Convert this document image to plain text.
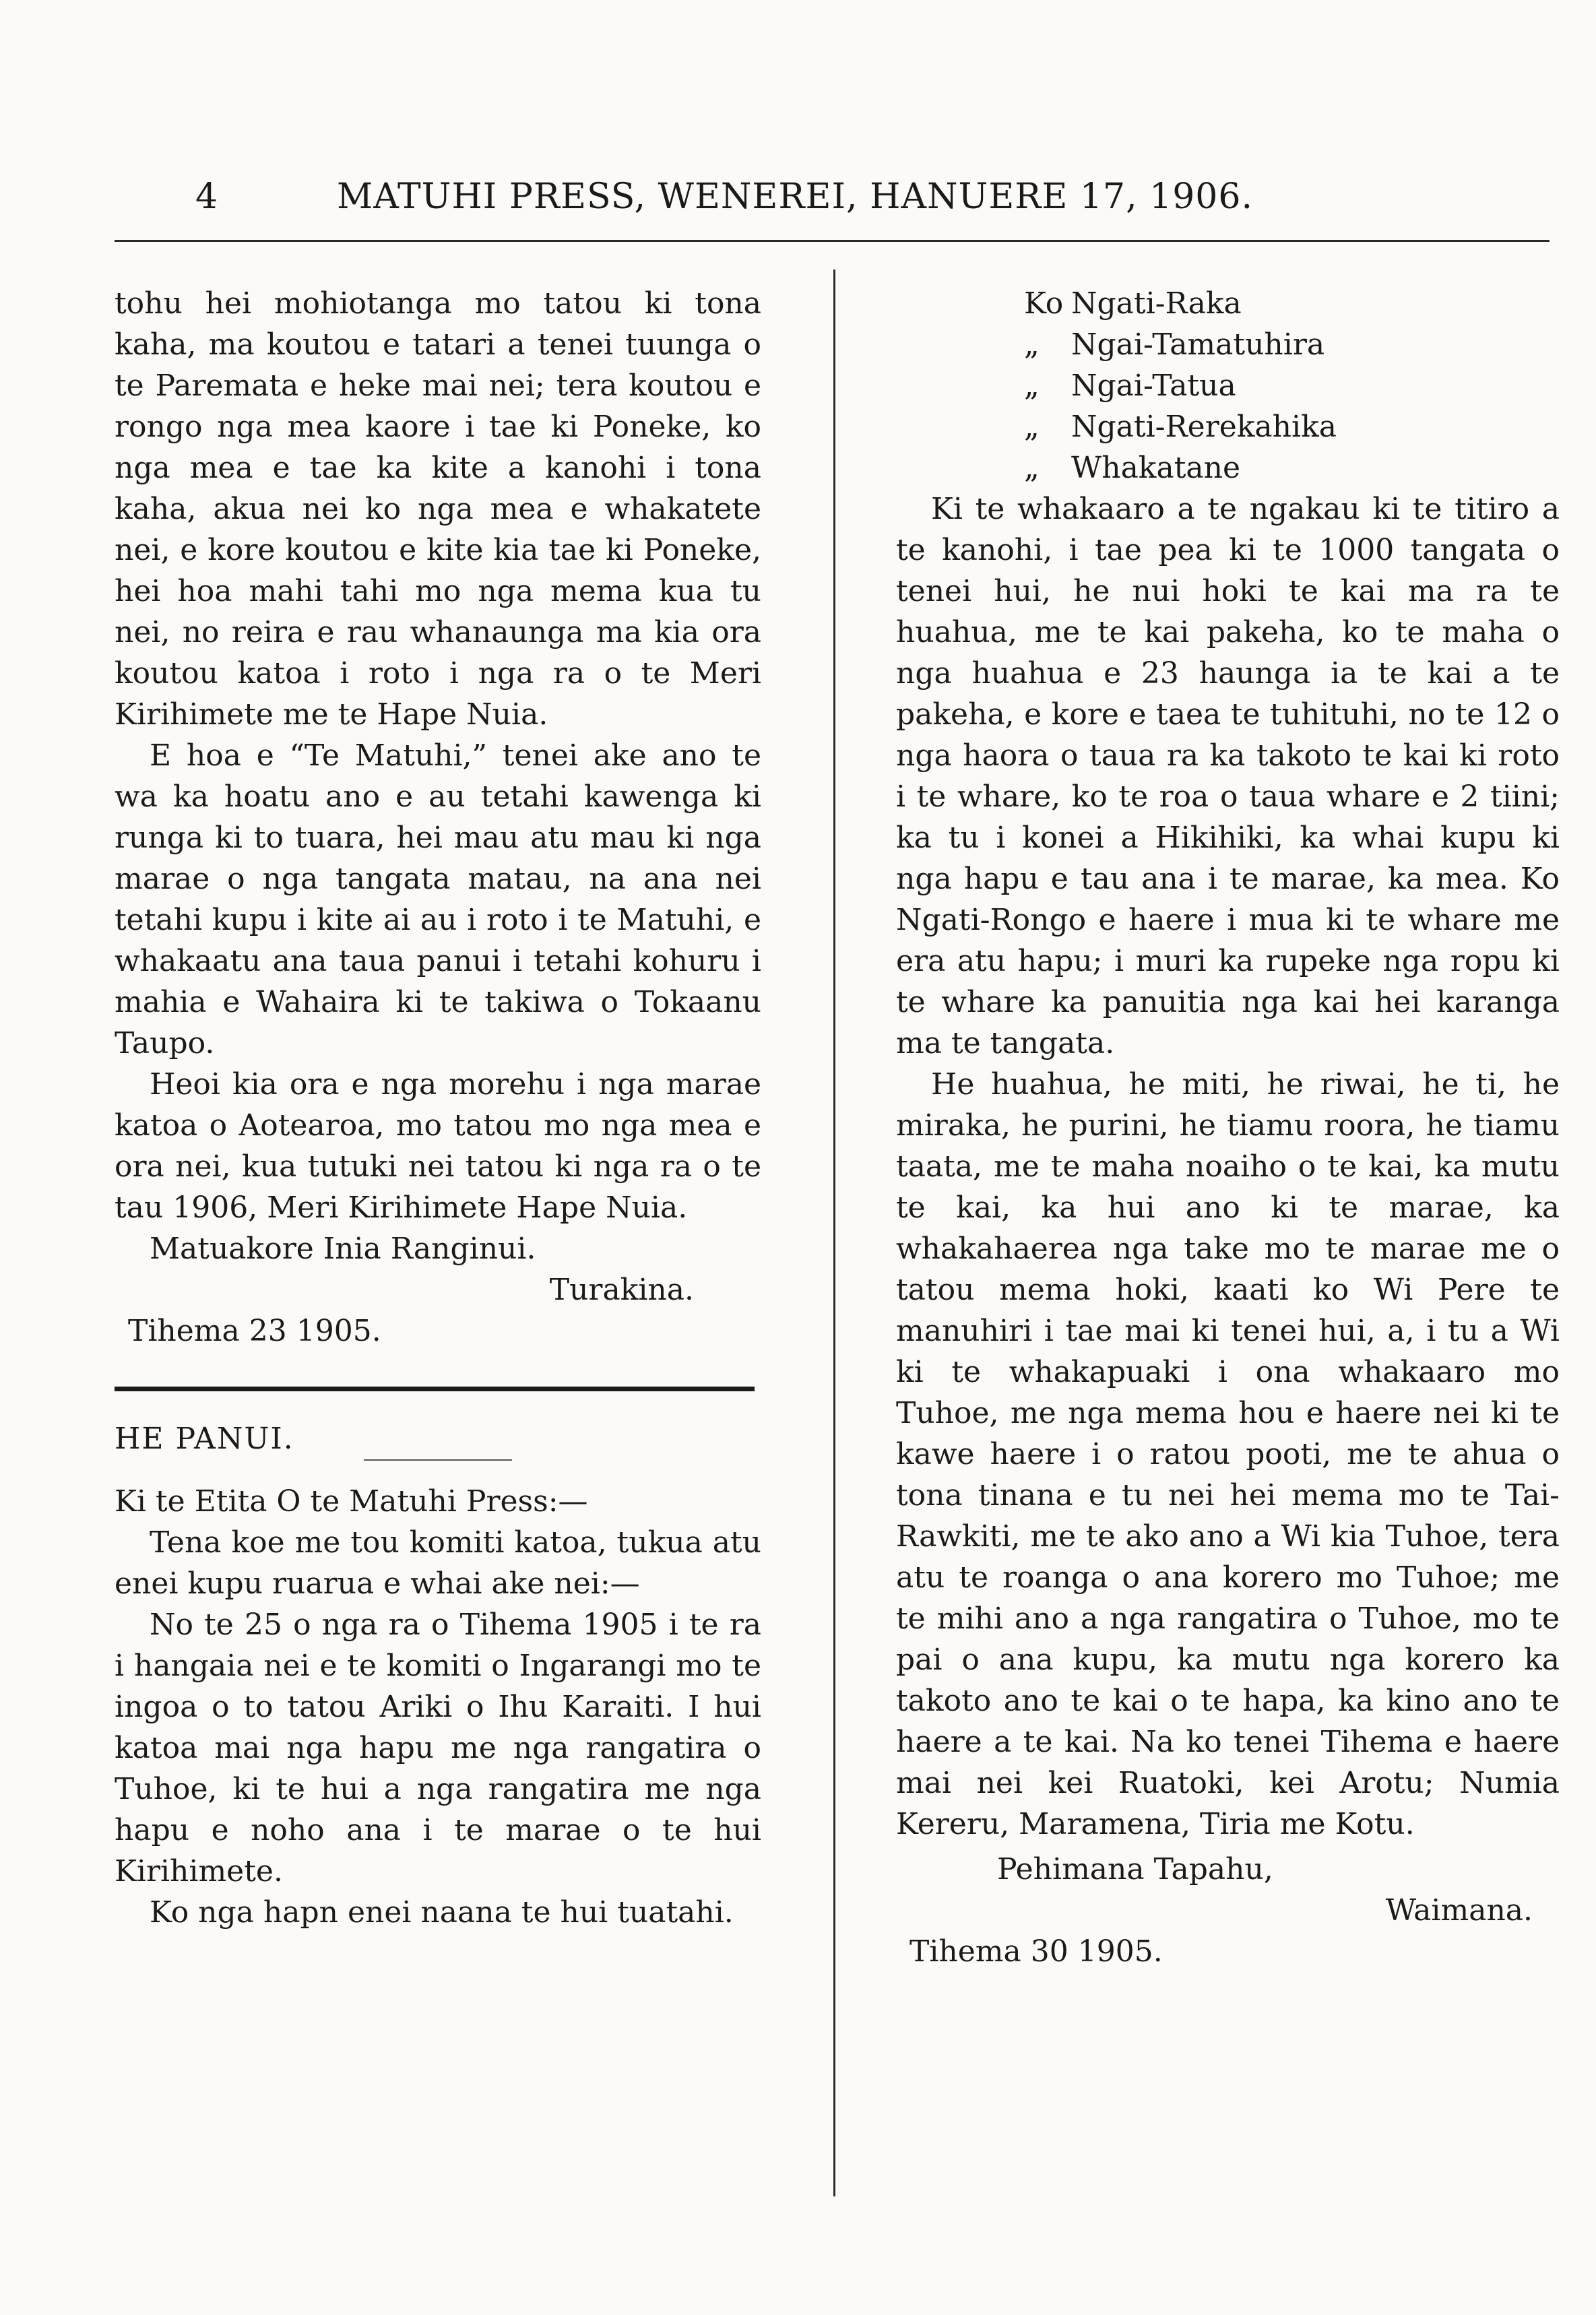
4	MATUHI PRESS, WENEREI, HANUERE 17, 1906.

tohu hei mohiotanga mo tatou ki tona kaha, ma koutou e tatari a tenei tuunga o te Paremata e heke mai nei; tera koutou e rongo nga mea kaore i tae ki Poneke, ko nga mea e tae ka kite a kanohi i tona kaha, akua nei ko nga mea e whakatete nei, e kore koutou e kite kia tae ki Poneke, hei hoa mahi tahi mo nga mema kua tu nei, no reira e rau whanaunga ma kia ora koutou katoa i roto i nga ra o te Meri Kirihimete me te Hape Nuia.

E hoa e “Te Matuhi,” tenei ake ano te wa ka hoatu ano e au tetahi kawenga ki runga ki to tuara, hei mau atu mau ki nga marae o nga tangata matau, na ana nei tetahi kupu i kite ai au i roto i te Matuhi, e whakaatu ana taua panui i tetahi kohuru i mahia e Wahaira ki te takiwa o Tokaanu Taupo.

Heoi kia ora e nga morehu i nga marae katoa o Aotearoa, mo tatou mo nga mea e ora nei, kua tutuki nei tatou ki nga ra o te tau 1906, Meri Kirihimete Hape Nuia.

Matuakore Inia Ranginui.

Turakina.

Tihema 23 1905.

HE PANUI.

Ki te Etita O te Matuhi Press:—

Tena koe me tou komiti katoa, tukua atu enei kupu ruarua e whai ake nei:—

No te 25 o nga ra o Tihema 1905 i te ra i hangaia nei e te komiti o Ingarangi mo te ingoa o to tatou Ariki o Ihu Karaiti. I hui katoa mai nga hapu me nga rangatira o Tuhoe, ki te hui a nga rangatira me nga hapu e noho ana i te marae o te hui Kirihimete.

Ko nga hapn enei naana te hui tuatahi.

Ko Ngati-Raka
„ Ngai-Tamatuhira
„ Ngai-Tatua
„ Ngati-Rerekahika
„ Whakatane

Ki te whakaaro a te ngakau ki te titiro a te kanohi, i tae pea ki te 1000 tangata o tenei hui, he nui hoki te kai ma ra te huahua, me te kai pakeha, ko te maha o nga huahua e 23 haunga ia te kai a te pakeha, e kore e taea te tuhituhi, no te 12 o nga haora o taua ra ka takoto te kai ki roto i te whare, ko te roa o taua whare e 2 tiini; ka tu i konei a Hikihiki, ka whai kupu ki nga hapu e tau ana i te marae, ka mea. Ko Ngati-Rongo e haere i mua ki te whare me era atu hapu; i muri ka rupeke nga ropu ki te whare ka panuitia nga kai hei karanga ma te tangata.

He huahua, he miti, he riwai, he ti, he miraka, he purini, he tiamu roora, he tiamu taata, me te maha noaiho o te kai, ka mutu te kai, ka hui ano ki te marae, ka whakahaerea nga take mo te marae me o tatou mema hoki, kaati ko Wi Pere te manuhiri i tae mai ki tenei hui, a, i tu a Wi ki te whakapuaki i ona whakaaro mo Tuhoe, me nga mema hou e haere nei ki te kawe haere i o ratou pooti, me te ahua o tona tinana e tu nei hei mema mo te Tai-Rawkiti, me te ako ano a Wi kia Tuhoe, tera atu te roanga o ana korero mo Tuhoe; me te mihi ano a nga rangatira o Tuhoe, mo te pai o ana kupu, ka mutu nga korero ka takoto ano te kai o te hapa, ka kino ano te haere a te kai. Na ko tenei Tihema e haere mai nei kei Ruatoki, kei Arotu; Numia Kereru, Maramena, Tiria me Kotu.

Pehimana Tapahu,

Waimana.

Tihema 30 1905.
